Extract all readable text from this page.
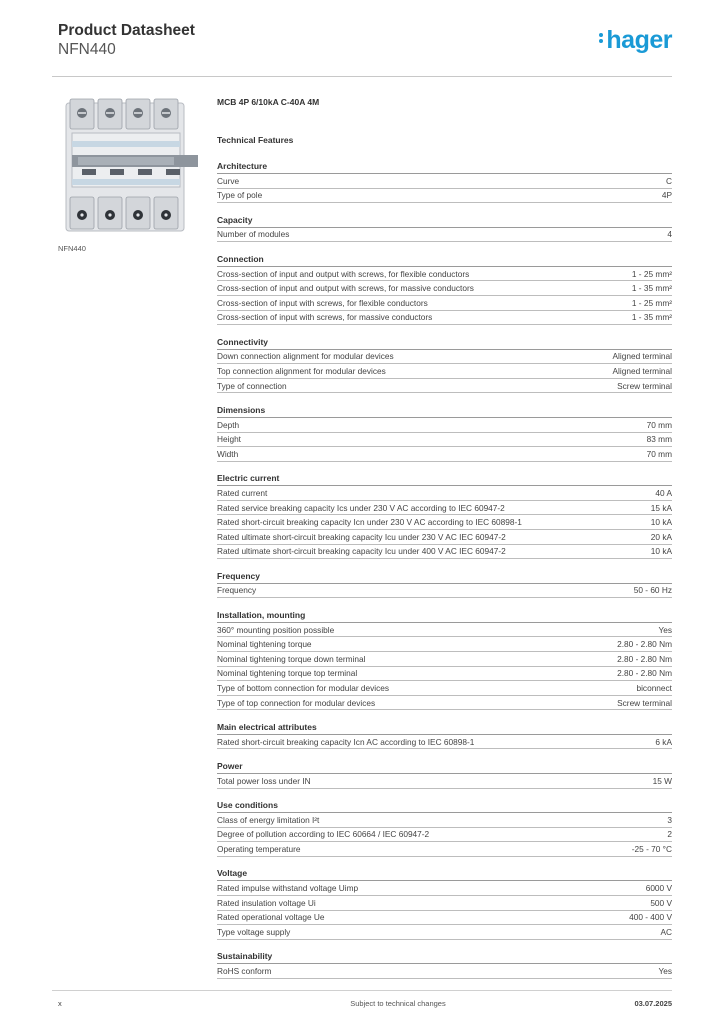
Product Datasheet
NFN440	hager
NFN440
MCB 4P 6/10kA C-40A 4M
Technical Features
Architecture
Curve	C
Type of pole	4P
Capacity
Number of modules	4
Connection
Cross-section of input and output with screws, for flexible conductors	1 - 25 mm²
Cross-section of input and output with screws, for massive conductors	1 - 35 mm²
Cross-section of input with screws, for flexible conductors	1 - 25 mm²
Cross-section of input with screws, for massive conductors	1 - 35 mm²
Connectivity
Down connection alignment for modular devices	Aligned terminal
Top connection alignment for modular devices	Aligned terminal
Type of connection	Screw terminal
Dimensions
Depth	70 mm
Height	83 mm
Width	70 mm
Electric current
Rated current	40 A
Rated service breaking capacity Ics under 230 V AC according to IEC 60947-2	15 kA
Rated short-circuit breaking capacity Icn under 230 V AC according to IEC 60898-1	10 kA
Rated ultimate short-circuit breaking capacity Icu under 230 V AC IEC 60947-2	20 kA
Rated ultimate short-circuit breaking capacity Icu under 400 V AC IEC 60947-2	10 kA
Frequency
Frequency	50 - 60 Hz
Installation, mounting
360° mounting position possible	Yes
Nominal tightening torque	2.80 - 2.80 Nm
Nominal tightening torque down terminal	2.80 - 2.80 Nm
Nominal tightening torque top terminal	2.80 - 2.80 Nm
Type of bottom connection for modular devices	biconnect
Type of top connection for modular devices	Screw terminal
Main electrical attributes
Rated short-circuit breaking capacity Icn AC according to IEC 60898-1	6 kA
Power
Total power loss under IN	15 W
Use conditions
Class of energy limitation I²t	3
Degree of pollution according to IEC 60664 / IEC 60947-2	2
Operating temperature	-25 - 70 °C
Voltage
Rated impulse withstand voltage Uimp	6000 V
Rated insulation voltage Ui	500 V
Rated operational voltage Ue	400 - 400 V
Type voltage supply	AC
Sustainability
RoHS conform	Yes
x	Subject to technical changes	03.07.2025
